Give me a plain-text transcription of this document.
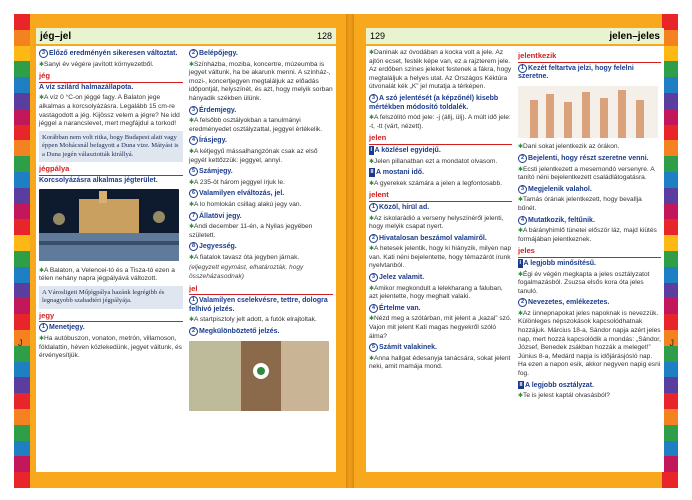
J
jég–jel	128
3 Előző eredményén sikeresen változtat.
✱ Sanyi év végére javított környezetből.
jég
A víz szilárd halmazállapota.
✱ A víz 0 °C-on jéggé fagy. A Balaton jege alkalmas a korcsolyázásra. Legalább 15 cm-re vastagodott a jég. Kijössz velem a jégre? Ne idd jéggel a narancslevet, mert megfájdul a torkod!
Korábban nem volt ritka, hogy Budapest alatt vagy éppen Mohácsnál befagyott a Duna vize. Mátyást is a Duna jegén választották királlyá.
jégpálya
Korcsolyázásra alkalmas jégterület.
✱ A Balaton, a Velencei-tó és a Tisza-tó ezen a télen nehány napra jégpályává változott.
A Városligeti Műjégpálya hazánk legrégibb és legnagyobb szabadtéri jégpályája.
jegy
1 Menetjegy.
✱ Ha autóbuszon, vonaton, metrón, villamoson, földalattin, héven közlekedünk, jegyet váltunk, és érvényesítjük.
2 Belépőjegy.
✱ Színházba, moziba, koncertre, múzeumba is jegyet váltunk, ha be akarunk menni. A színház-, mozi-, koncertjegyen megtaláljuk az előadás időpontját, helyszínét, és azt, hogy melyik sorban hányadik székben ülünk.
3 Érdemjegy.
✱ A felsőbb osztályokban a tanulmányi eredményedet osztályzattal, jeggyel értékelik.
4 Írásjegy.
✱ A kétjegyű mássalhangzónak csak az első jegyét kettőzzük: jeggyel, annyi.
5 Számjegy.
✱ A 235-öt három jeggyel írjuk le.
6 Valamilyen elváltozás, jel.
✱ A lo homlokán csillag alakú jegy van.
7 Állatövi jegy.
✱ Andi december 11-én, a Nyilas jegyében született.
8 Jegyesség.
✱ A fiatalok tavasz óta jegyben járnak.
(eljegyzett egymást, elhatározták, hogy összeházasodnak)
jel
1 Valamilyen cselekvésre, tettre, dologra felhívó jelzés.
✱ A startpisztoly jelt adott, a futók elrajtoltak.
2 Megkülönböztető jelzés.
J
129	jelen–jeles
✱ Daninak az óvodában a kocka volt a jele. Az ajtón ecset, festék képe van, ez a rajzterem jele. Az erdőben színes jeleket festenek a fákra, hogy megtaláljuk a helyes utat. Az Országos Kéktúra útvonalát kék „K” jel mutatja a térképen.
3 A szó jelentését (a képzőnél) kisebb mértékben módosító toldalék.
✱ A felszólító mód jele: -j (állj, ülj). A múlt idő jele: -t, -tt (várt, nézett).
jelen
I A közlésel egyidejű.
✱ Jelen pillanatban ezt a mondatot olvasom.
II A mostani idő.
✱ A gyerekek számára a jelen a legfontosabb.
jelent
1 Közöl, hírül ad.
✱ Az iskolarádió a verseny helyszínéről jelenti, hogy melyik csapat nyert.
2 Hivatalosan beszámol valamiről.
✱ A hetesek jelentik, hogy ki hiányzik, milyen nap van. Kati néni bejelentette, hogy témazárót írunk nyelvtanból.
3 Jelez valamit.
✱ Amikor megkondult a lelekharang a faluban, azt jelentette, hogy meghalt valaki.
4 Értelme van.
✱ Nézd meg a szótárban, mit jelent a „kazal” szó. Vajon mit jelent Kati magas hegyekről szóló álma?
5 Számít valakinek.
✱ Anna hallgat édesanyja tanácsára, sokat jelent neki, amit mamája mond.
jelentkezik
1 Kezét feltartva jelzi, hogy felelni szeretne.
✱ Dani sokat jelentkezik az órákon.
2 Bejelenti, hogy részt szeretne venni.
✱ Ecsti jelentkezett a mesemondó versenyre. A tanító néni bejelentkezett családlátogatásra.
3 Megjelenik valahol.
✱ Tamás órának jelentkezett, hogy bevallja bűnét.
4 Mutatkozik, feltűnik.
✱ A bárányhimlő tünetei először láz, majd kiütés formájában jelentkeznek.
jeles
I A legjobb minősítésű.
✱ Égi év végén megkapta a jeles osztályzatot fogalmazásból. Zsuzsa elsős kora óta jeles tanuló.
2 Nevezetes, emlékezetes.
✱ Az ünnepnapokat jeles napoknak is nevezzük. Különleges népszokások kapcsolódhatnak hozzájuk. Március 18-a, Sándor napja azért jeles nap, mert hozzá kapcsolódik a mondás: „Sándor, József, Benedek zsákban hozzák a meleget!” Június 8-a, Medárd napja is időjárásjósló nap. Ha ezen a napon esik, akkor negyven napig esni fog.
II A legjobb osztályzat.
✱ Te is jelest kaptál olvasásból?
